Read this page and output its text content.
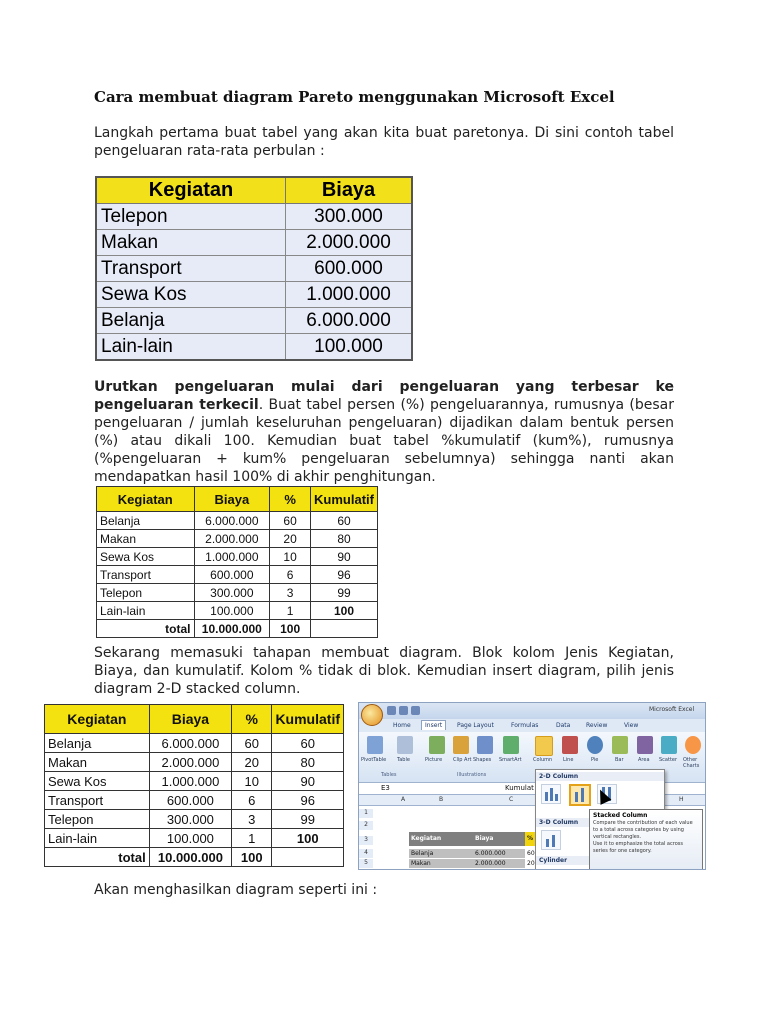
Cara membuat diagram Pareto menggunakan Microsoft Excel
Langkah pertama buat tabel yang akan kita buat paretonya. Di sini contoh tabel pengeluaran rata-rata perbulan :
Kegiatan	Biaya
Telepon	300.000
Makan	2.000.000
Transport	600.000
Sewa Kos	1.000.000
Belanja	6.000.000
Lain-lain	100.000
Urutkan pengeluaran mulai dari pengeluaran yang terbesar ke pengeluaran terkecil. Buat tabel persen (%) pengeluarannya, rumusnya (besar pengeluaran / jumlah keseluruhan pengeluaran) dijadikan dalam bentuk persen (%) atau dikali 100. Kemudian buat tabel %kumulatif (kum%), rumusnya (%pengeluaran + kum% pengeluaran sebelumnya) sehingga nanti akan mendapatkan hasil 100% di akhir penghitungan.
Kegiatan	Biaya	%	Kumulatif
Belanja	6.000.000	60	60
Makan	2.000.000	20	80
Sewa Kos	1.000.000	10	90
Transport	600.000	6	96
Telepon	300.000	3	99
Lain-lain	100.000	1	100
total	10.000.000	100	
Sekarang memasuki tahapan membuat diagram. Blok kolom Jenis Kegiatan, Biaya, dan kumulatif. Kolom % tidak di blok. Kemudian insert diagram, pilih jenis diagram 2-D stacked column.
Kegiatan	Biaya	%	Kumulatif
Belanja	6.000.000	60	60
Makan	2.000.000	20	80
Sewa Kos	1.000.000	10	90
Transport	600.000	6	96
Telepon	300.000	3	99
Lain-lain	100.000	1	100
total	10.000.000	100	
Microsoft Excel
Home	Insert	Page Layout	Formulas	Data	Review	View
PivotTable Table	Picture Clip Art Shapes SmartArt Column Line	Pie	Bar	Area Scatter Other Charts
Tables	Illustrations
E3	Kumulat
A	B	C	H
1
2
3
4
5
Kegiatan	Biaya	%
Belanja	6.000.000	60
Makan	2.000.000	20
2-D Column
3-D Column
Cylinder
Stacked Column
Compare the contribution of each value to a total across categories by using vertical rectangles.
Use it to emphasize the total across series for one category.
Akan menghasilkan diagram seperti ini :
